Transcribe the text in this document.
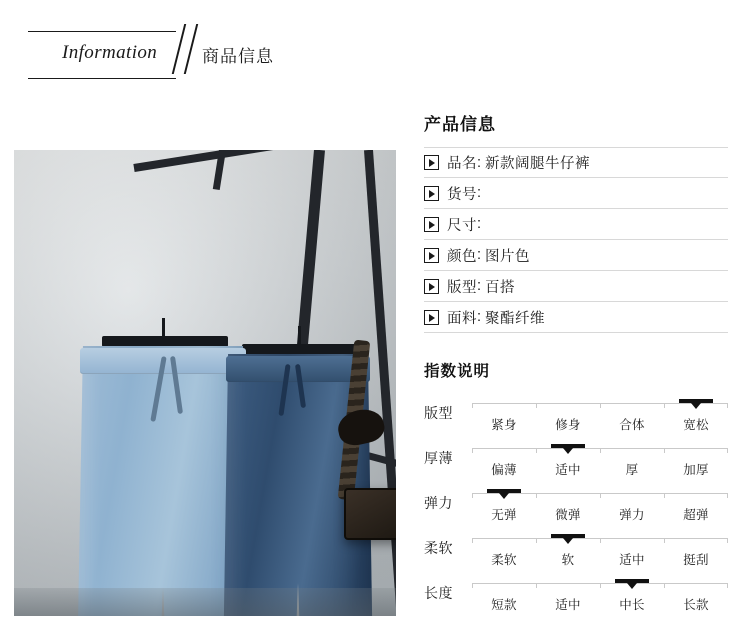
Information	商品信息
产品信息
品名 : 新款阔腿牛仔裤
货号 :
尺寸 :
颜色 : 图片色
版型 : 百搭
面料 : 聚酯纤维
指数说明
版型
紧身	修身	合体	宽松
厚薄
偏薄	适中	厚	加厚
弹力
无弹	微弹	弹力	超弹
柔软
柔软	软	适中	挺刮
长度
短款	适中	中长	长款
